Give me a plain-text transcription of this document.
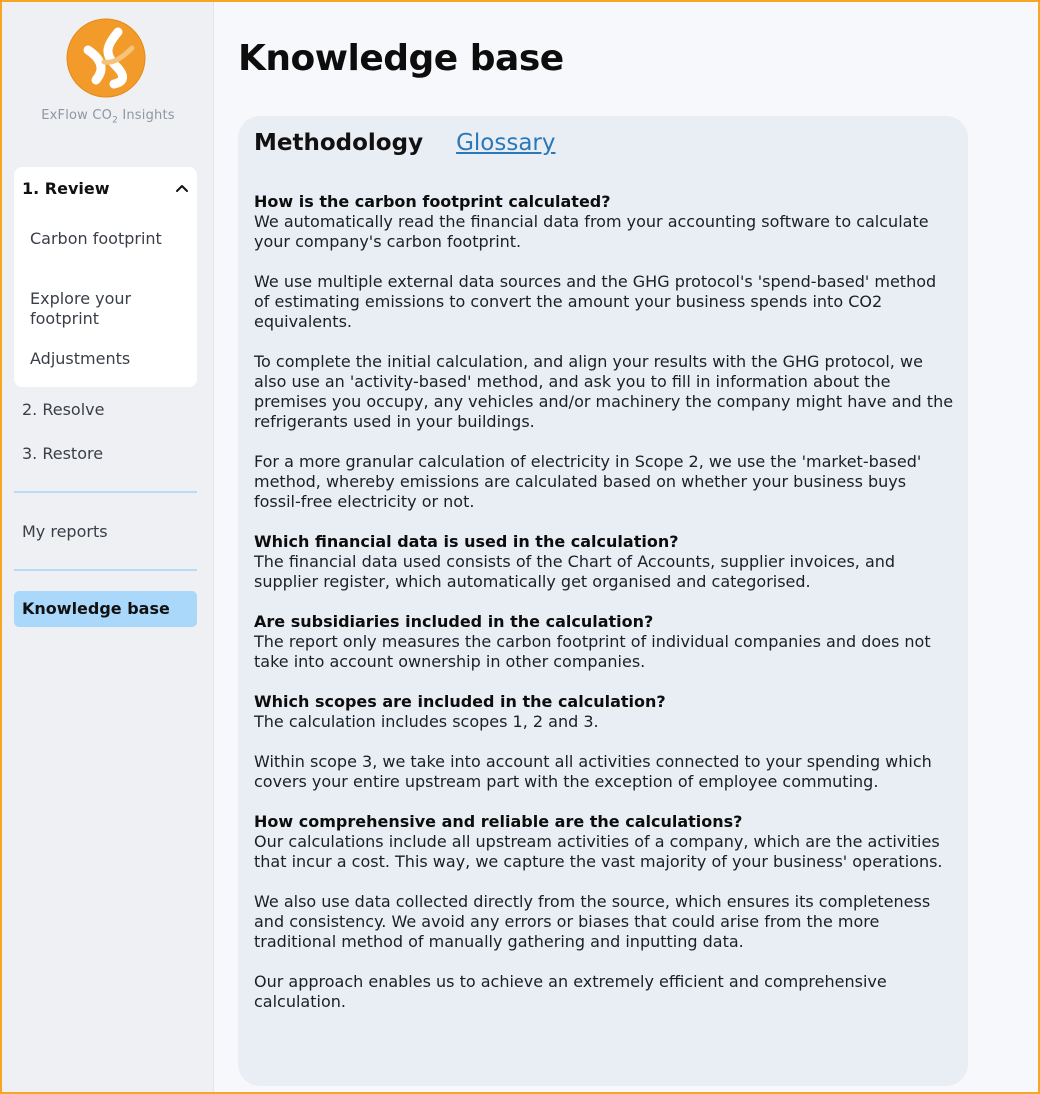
ExFlow $CO_2$ Insights
1. Review
Carbon footprint
Explore your footprint
Adjustments
2. Resolve
3. Restore
My reports
Knowledge base
Knowledge base
Methodology Glossary

How is the carbon footprint calculated?
We automatically read the financial data from your accounting software to calculate your company's carbon footprint.

We use multiple external data sources and the GHG protocol's 'spend-based' method of estimating emissions to convert the amount your business spends into CO2 equivalents.

To complete the initial calculation, and align your results with the GHG protocol, we also use an 'activity-based' method, and ask you to fill in information about the premises you occupy, any vehicles and/or machinery the company might have and the refrigerants used in your buildings.

For a more granular calculation of electricity in Scope 2, we use the 'market-based' method, whereby emissions are calculated based on whether your business buys fossil-free electricity or not.

Which financial data is used in the calculation?
The financial data used consists of the Chart of Accounts, supplier invoices, and supplier register, which automatically get organised and categorised.

Are subsidiaries included in the calculation?
The report only measures the carbon footprint of individual companies and does not take into account ownership in other companies.

Which scopes are included in the calculation?
The calculation includes scopes 1, 2 and 3.

Within scope 3, we take into account all activities connected to your spending which covers your entire upstream part with the exception of employee commuting.

How comprehensive and reliable are the calculations?
Our calculations include all upstream activities of a company, which are the activities that incur a cost. This way, we capture the vast majority of your business' operations.

We also use data collected directly from the source, which ensures its completeness and consistency. We avoid any errors or biases that could arise from the more traditional method of manually gathering and inputting data.

Our approach enables us to achieve an extremely efficient and comprehensive calculation.
